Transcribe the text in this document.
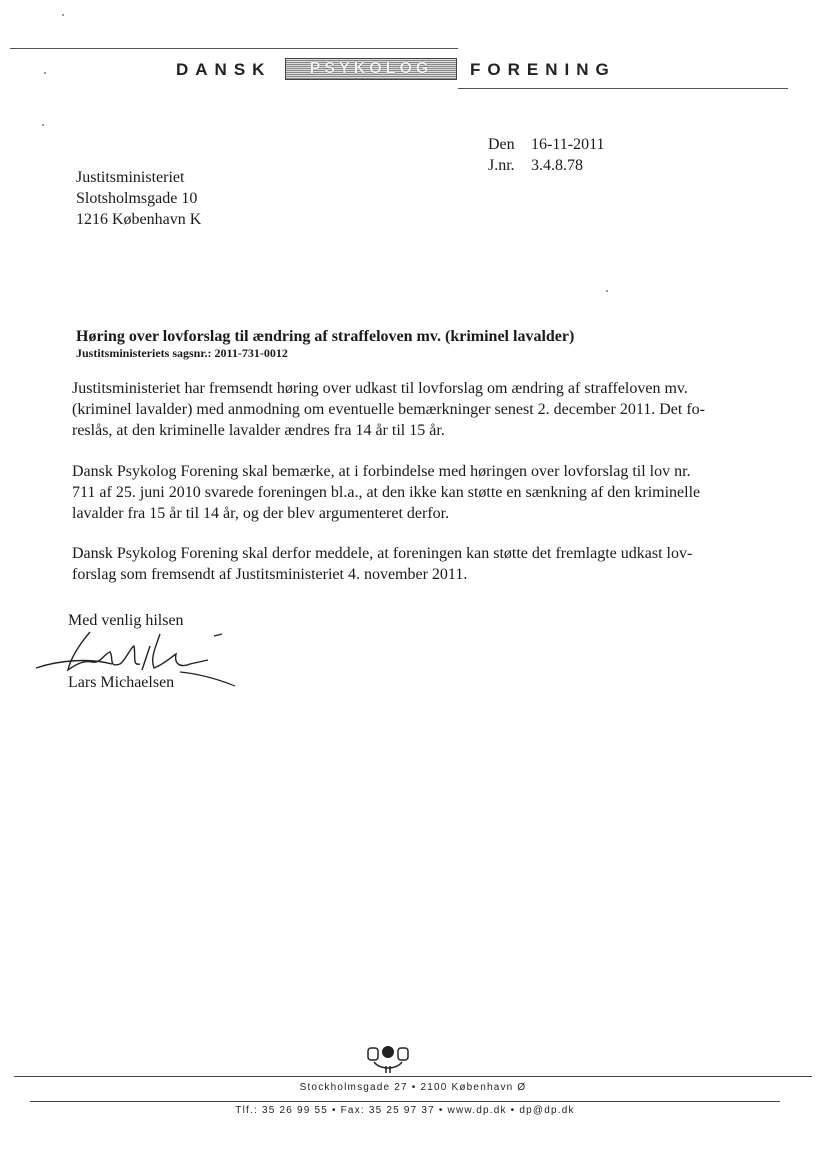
DANSK	PSYKOLOG	FORENING
Den	16-11-2011
J.nr.	3.4.8.78
Justitsministeriet
Slotsholmsgade 10
1216 København K
Høring over lovforslag til ændring af straffeloven mv. (kriminel lavalder)
Justitsministeriets sagsnr.: 2011-731-0012
Justitsministeriet har fremsendt høring over udkast til lovforslag om ændring af straffeloven mv.
(kriminel lavalder) med anmodning om eventuelle bemærkninger senest 2. december 2011. Det fo-
reslås, at den kriminelle lavalder ændres fra 14 år til 15 år.
Dansk Psykolog Forening skal bemærke, at i forbindelse med høringen over lovforslag til lov nr.
711 af 25. juni 2010 svarede foreningen bl.a., at den ikke kan støtte en sænkning af den kriminelle
lavalder fra 15 år til 14 år, og der blev argumenteret derfor.
Dansk Psykolog Forening skal derfor meddele, at foreningen kan støtte det fremlagte udkast lov-
forslag som fremsendt af Justitsministeriet 4. november 2011.
Med venlig hilsen
Lars Michaelsen
Stockholmsgade 27 • 2100 København Ø
Tlf.: 35 26 99 55 • Fax: 35 25 97 37 • www.dp.dk • dp@dp.dk
